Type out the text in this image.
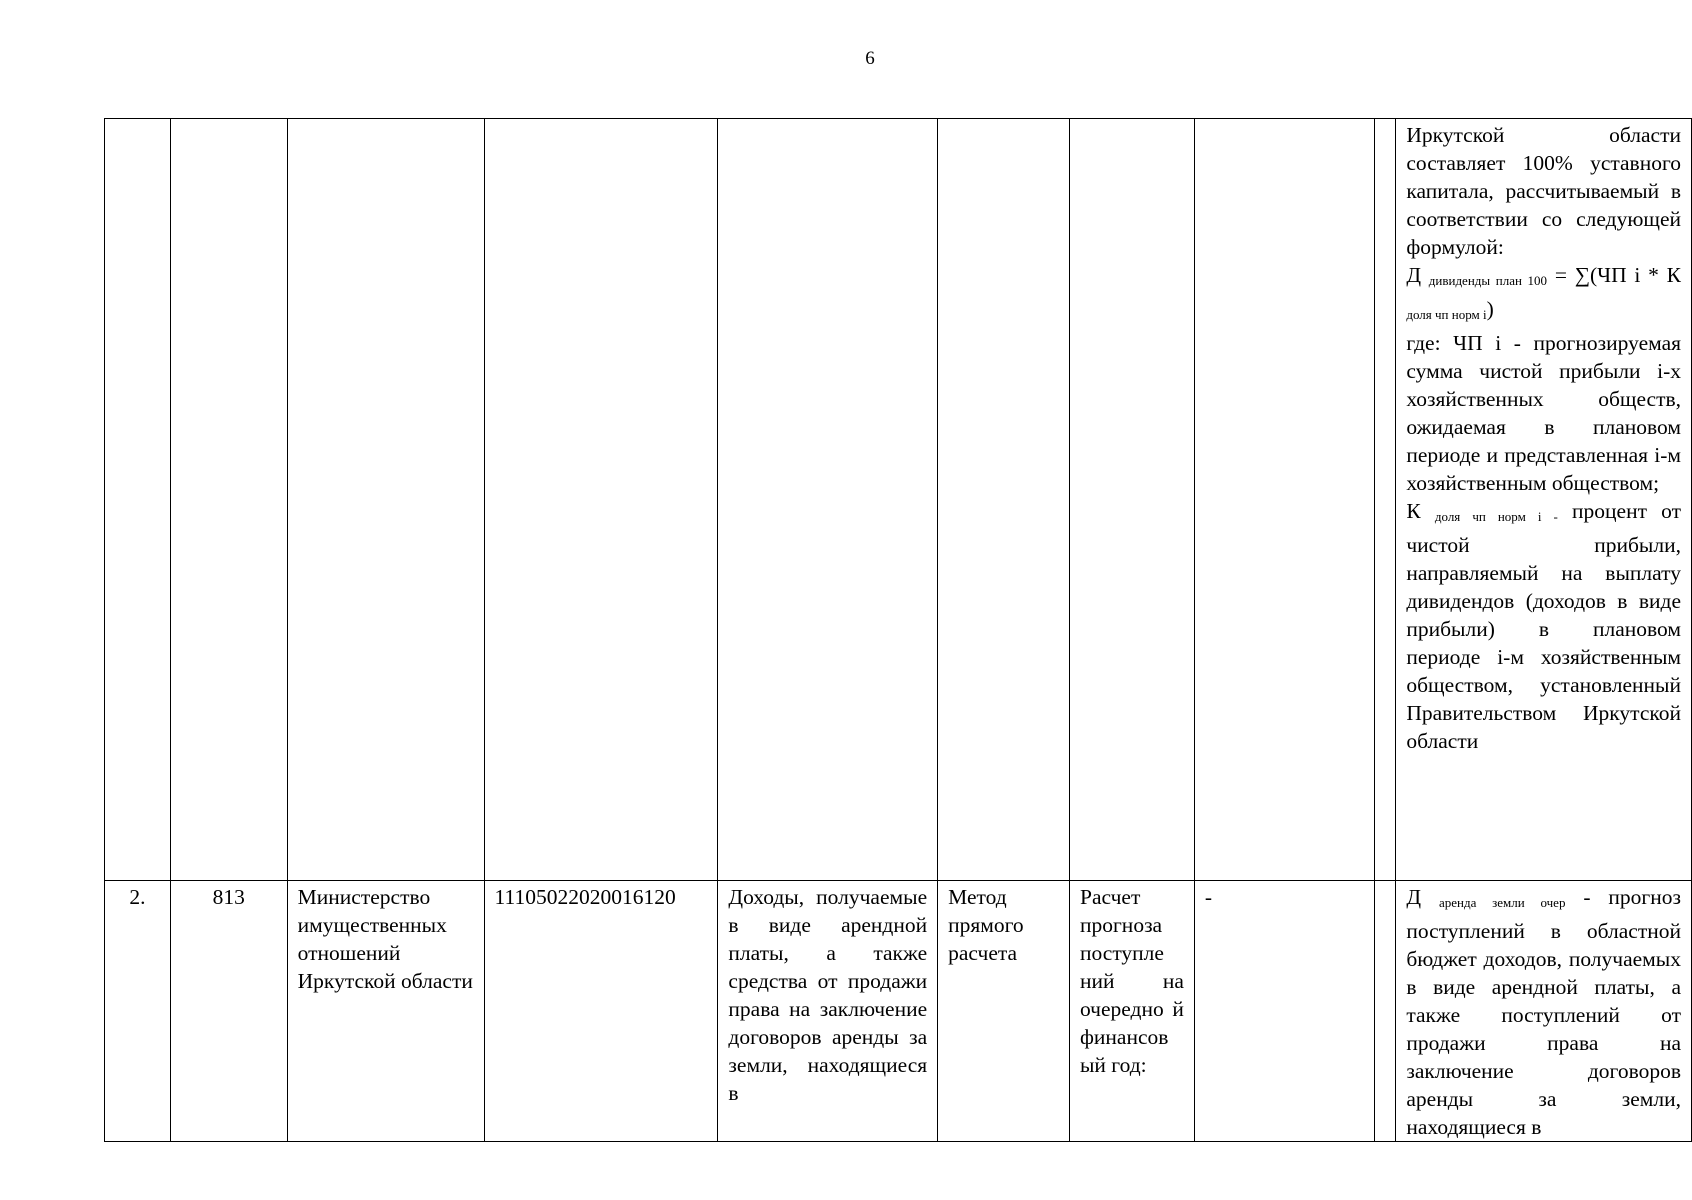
6

									Иркутской области составляет 100% уставного капитала, рассчитываемый в соответствии со следующей формулой:
Д $_{дивиденды план 100}$ = ∑(ЧП i * К $_{доля чп норм i}$)
где: ЧП i - прогнозируемая сумма чистой прибыли i-х хозяйственных обществ, ожидаемая в плановом периоде и представленная i-м хозяйственным обществом;
К $_{доля чп норм i -}$ процент от чистой прибыли, направляемый на выплату дивидендов (доходов в виде прибыли) в плановом периоде i-м хозяйственным обществом, установленный Правительством Иркутской области

2.	813	Министерство имущественных отношений Иркутской области	11105022020016120	Доходы, получаемые в виде арендной платы, а также средства от продажи права на заключение договоров аренды за земли, находящиеся в	Метод прямого расчета	Расчет прогноза поступле ний на очередно й финансов ый год:	-		Д $_{аренда земли очер}$ - прогноз поступлений в областной бюджет доходов, получаемых в виде арендной платы, а также поступлений от продажи права на заключение договоров аренды за земли, находящиеся в
